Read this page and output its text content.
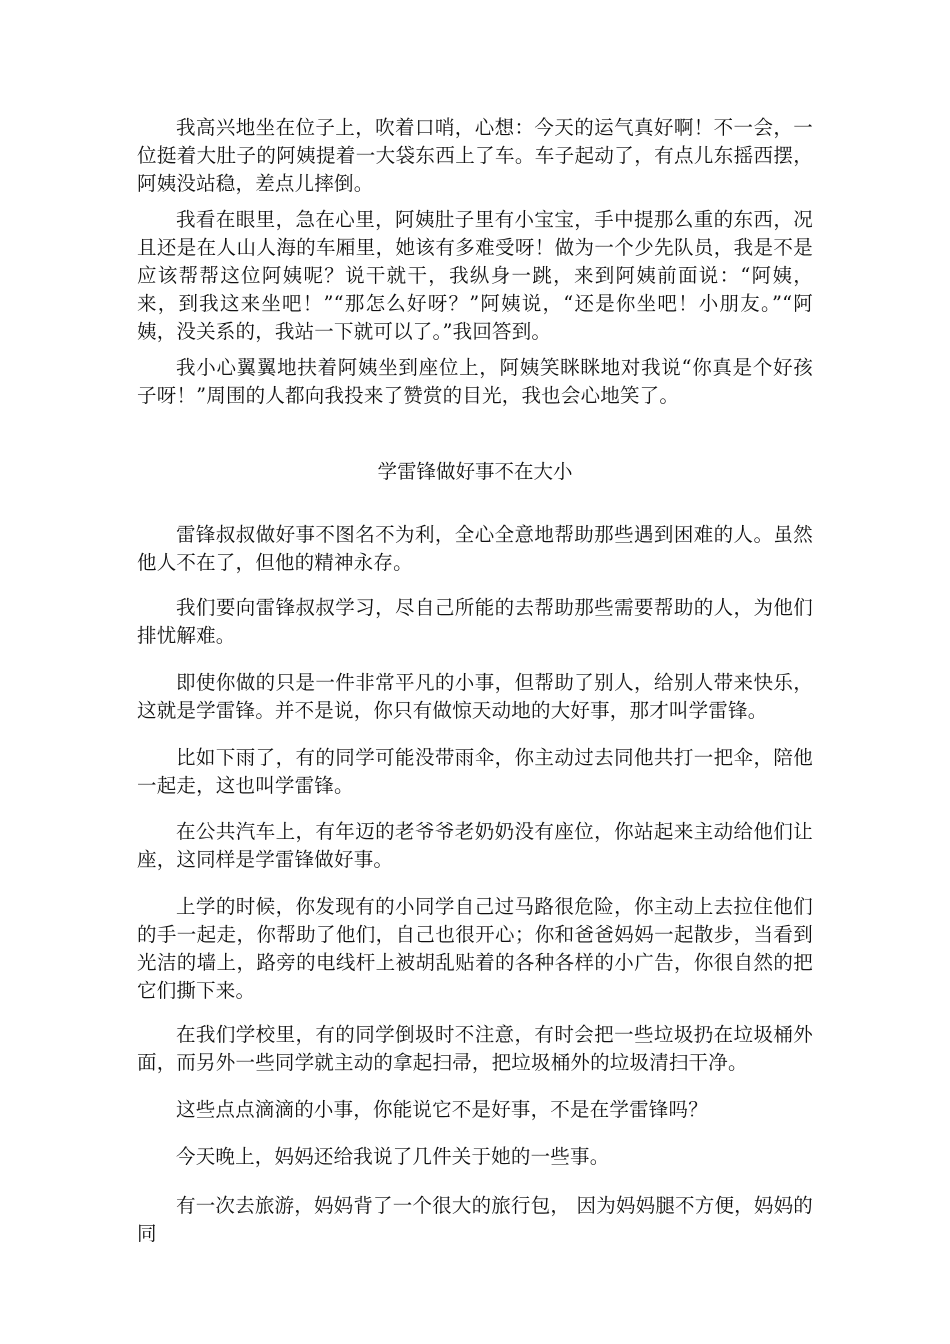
我高兴地坐在位子上，吹着口哨，心想：今天的运气真好啊！不一会，一位挺着大肚子的阿姨提着一大袋东西上了车。车子起动了，有点儿东摇西摆，阿姨没站稳，差点儿摔倒。

我看在眼里，急在心里，阿姨肚子里有小宝宝，手中提那么重的东西，况且还是在人山人海的车厢里，她该有多难受呀！做为一个少先队员，我是不是应该帮帮这位阿姨呢？说干就干，我纵身一跳，来到阿姨前面说：“阿姨，来，到我这来坐吧！”“那怎么好呀？”阿姨说，“还是你坐吧！小朋友。”“阿姨，没关系的，我站一下就可以了。”我回答到。

我小心翼翼地扶着阿姨坐到座位上，阿姨笑眯眯地对我说“你真是个好孩子呀！”周围的人都向我投来了赞赏的目光，我也会心地笑了。

学雷锋做好事不在大小

雷锋叔叔做好事不图名不为利，全心全意地帮助那些遇到困难的人。虽然他人不在了，但他的精神永存。

我们要向雷锋叔叔学习，尽自己所能的去帮助那些需要帮助的人，为他们排忧解难。

即使你做的只是一件非常平凡的小事，但帮助了别人，给别人带来快乐，这就是学雷锋。并不是说，你只有做惊天动地的大好事，那才叫学雷锋。

比如下雨了，有的同学可能没带雨伞，你主动过去同他共打一把伞，陪他一起走，这也叫学雷锋。

在公共汽车上，有年迈的老爷爷老奶奶没有座位，你站起来主动给他们让座，这同样是学雷锋做好事。

上学的时候，你发现有的小同学自己过马路很危险，你主动上去拉住他们的手一起走，你帮助了他们，自己也很开心；你和爸爸妈妈一起散步，当看到光洁的墙上，路旁的电线杆上被胡乱贴着的各种各样的小广告，你很自然的把它们撕下来。

在我们学校里，有的同学倒圾时不注意，有时会把一些垃圾扔在垃圾桶外面，而另外一些同学就主动的拿起扫帚，把垃圾桶外的垃圾清扫干净。

这些点点滴滴的小事，你能说它不是好事，不是在学雷锋吗？

今天晚上，妈妈还给我说了几件关于她的一些事。

有一次去旅游，妈妈背了一个很大的旅行包， 因为妈妈腿不方便，妈妈的同
